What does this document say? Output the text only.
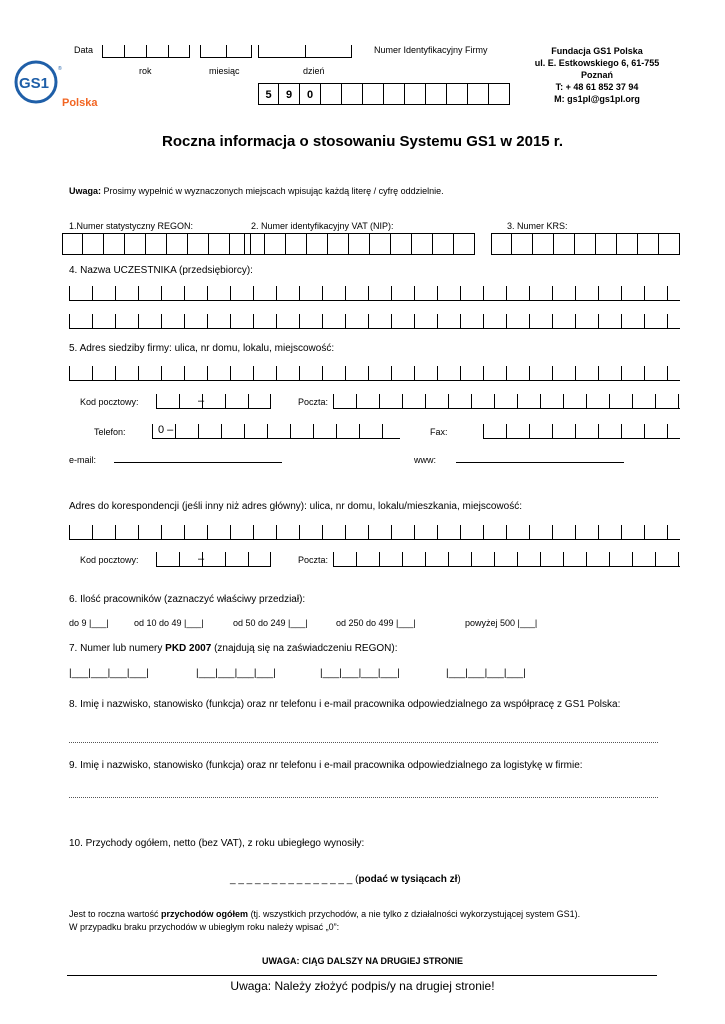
Data
rok	miesiąc	dzień
Numer Identyfikacyjny Firmy
5	9	0
GS1
®
Polska
Fundacja GS1 Polska
ul. E. Estkowskiego 6, 61-755
Poznań
T: + 48 61 852 37 94
M: gs1pl@gs1pl.org
Roczna informacja o stosowaniu Systemu GS1 w 2015 r.
Uwaga: Prosimy wypełnić w wyznaczonych miejscach wpisując każdą literę / cyfrę oddzielnie.
1.Numer statystyczny REGON:	2. Numer identyfikacyjny VAT (NIP):	3. Numer KRS:
4. Nazwa UCZESTNIKA (przedsiębiorcy):
5. Adres siedziby firmy: ulica, nr domu, lokalu, miejscowość:
Kod pocztowy:	–	Poczta:
Telefon:	0 –	Fax:
e-mail:	www:
Adres do korespondencji (jeśli inny niż adres główny): ulica, nr domu, lokalu/mieszkania, miejscowość:
Kod pocztowy:	–	Poczta:
6. Ilość pracowników (zaznaczyć właściwy przedział):
do 9 |___|	od 10 do 49 |___|	od 50 do 249 |___|	od 250 do 499 |___|	powyżej 500 |___|
7. Numer lub numery PKD 2007 (znajdują się na zaświadczeniu REGON):
|___|___|___|___|	|___|___|___|___|	|___|___|___|___|	|___|___|___|___|
8. Imię i nazwisko, stanowisko (funkcja) oraz nr telefonu i e-mail pracownika odpowiedzialnego za współpracę z GS1 Polska:
9. Imię i nazwisko, stanowisko (funkcja) oraz nr telefonu i e-mail pracownika odpowiedzialnego za logistykę w firmie:
10. Przychody ogółem, netto (bez VAT), z roku ubiegłego wynosiły:
_ _ _ _ _ _ _ _ _ _ _ _ _ _ _ (podać w tysiącach zł)
Jest to roczna wartość przychodów ogółem (tj. wszystkich przychodów, a nie tylko z działalności wykorzystującej system GS1).
W przypadku braku przychodów w ubiegłym roku należy wpisać „0”:
UWAGA: CIĄG DALSZY NA DRUGIEJ STRONIE
Uwaga: Należy złożyć podpis/y na drugiej stronie!
